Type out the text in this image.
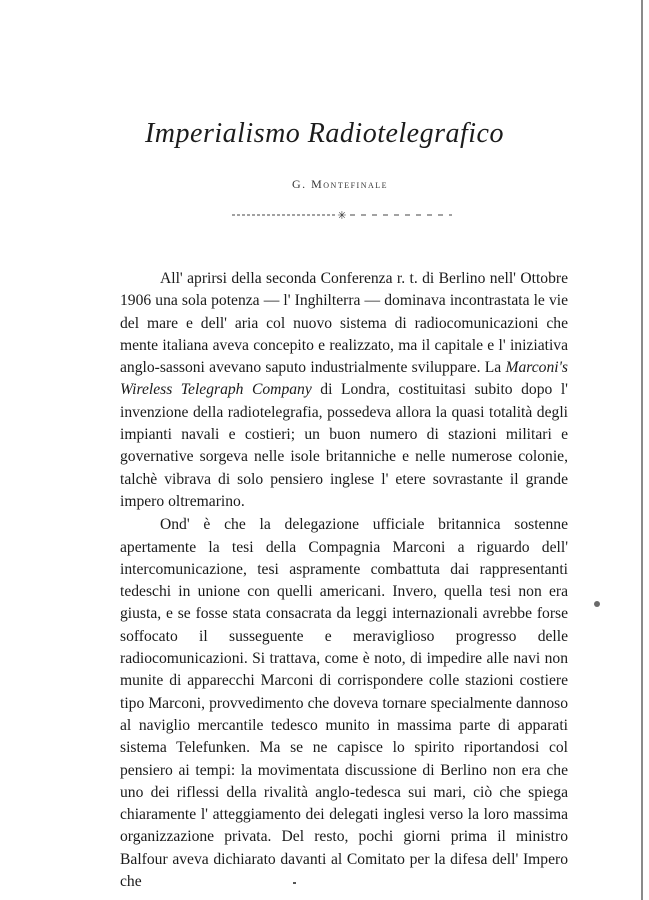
Imperialismo Radiotelegrafico
G. Montefinale
✳

All' aprirsi della seconda Conferenza r. t. di Berlino nell' Ottobre 1906 una sola potenza — l' Inghilterra — dominava incontrastata le vie del mare e dell' aria col nuovo sistema di radiocomunicazioni che mente italiana aveva concepito e realizzato, ma il capitale e l' iniziativa anglo-sassoni avevano saputo industrialmente sviluppare. La Marconi's Wireless Telegraph Company di Londra, costituitasi subito dopo l' invenzione della radiotelegrafia, possedeva allora la quasi totalità degli impianti navali e costieri; un buon numero di stazioni militari e governative sorgeva nelle isole britanniche e nelle numerose colonie, talchè vibrava di solo pensiero inglese l' etere sovrastante il grande impero oltremarino.

Ond' è che la delegazione ufficiale britannica sostenne apertamente la tesi della Compagnia Marconi a riguardo dell' intercomunicazione, tesi aspramente combattuta dai rappresentanti tedeschi in unione con quelli americani. Invero, quella tesi non era giusta, e se fosse stata consacrata da leggi internazionali avrebbe forse soffocato il susseguente e meraviglioso progresso delle radiocomunicazioni. Si trattava, come è noto, di impedire alle navi non munite di apparecchi Marconi di corrispondere colle stazioni costiere tipo Marconi, provvedimento che doveva tornare specialmente dannoso al naviglio mercantile tedesco munito in massima parte di apparati sistema Telefunken. Ma se ne capisce lo spirito riportandosi col pensiero ai tempi: la movimentata discussione di Berlino non era che uno dei riflessi della rivalità anglo-tedesca sui mari, ciò che spiega chiaramente l' atteggiamento dei delegati inglesi verso la loro massima organizzazione privata. Del resto, pochi giorni prima il ministro Balfour aveva dichiarato davanti al Comitato per la difesa dell' Impero che
